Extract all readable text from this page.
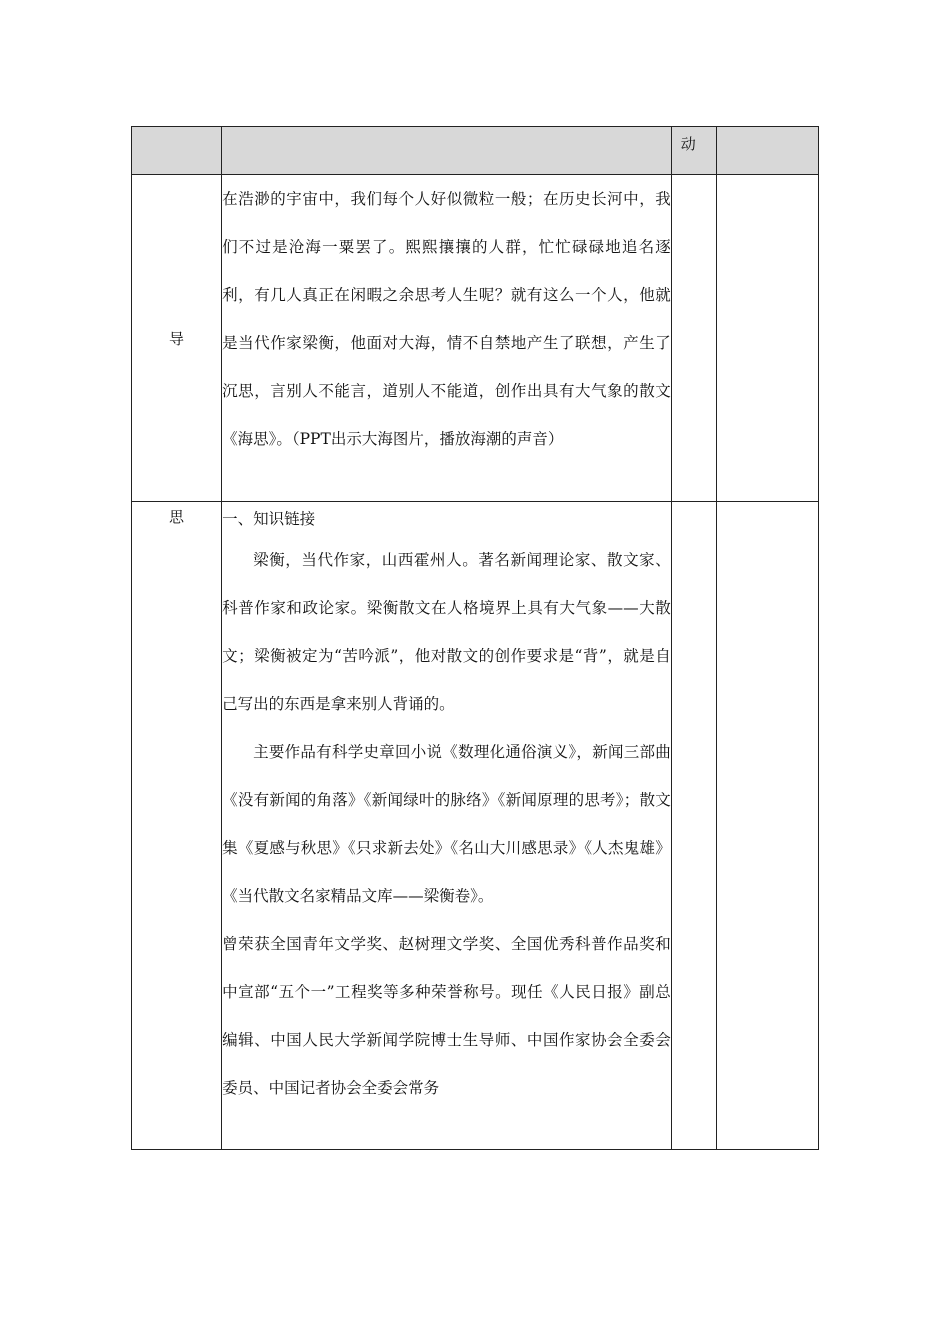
		动	
导	在浩渺的宇宙中，我们每个人好似微粒一般；在历史长河中，我们不过是沧海一粟罢了。熙熙攘攘的人群，忙忙碌碌地追名逐利，有几人真正在闲暇之余思考人生呢？就有这么一个人，他就是当代作家梁衡，他面对大海，情不自禁地产生了联想，产生了沉思，言别人不能言，道别人不能道，创作出具有大气象的散文《海思》。（PPT出示大海图片，播放海潮的声音）		

思	一、知识链接

梁衡，当代作家，山西霍州人。著名新闻理论家、散文家、科普作家和政论家。梁衡散文在人格境界上具有大气象——大散文；梁衡被定为“苦吟派”，他对散文的创作要求是“背”，就是自己写出的东西是拿来别人背诵的。

主要作品有科学史章回小说《数理化通俗演义》，新闻三部曲《没有新闻的角落》《新闻绿叶的脉络》《新闻原理的思考》；散文集《夏感与秋思》《只求新去处》《名山大川感思录》《人杰鬼雄》《当代散文名家精品文库——梁衡卷》。

曾荣获全国青年文学奖、赵树理文学奖、全国优秀科普作品奖和中宣部“五个一”工程奖等多种荣誉称号。现任《人民日报》副总编辑、中国人民大学新闻学院博士生导师、中国作家协会全委会委员、中国记者协会全委会常务		
